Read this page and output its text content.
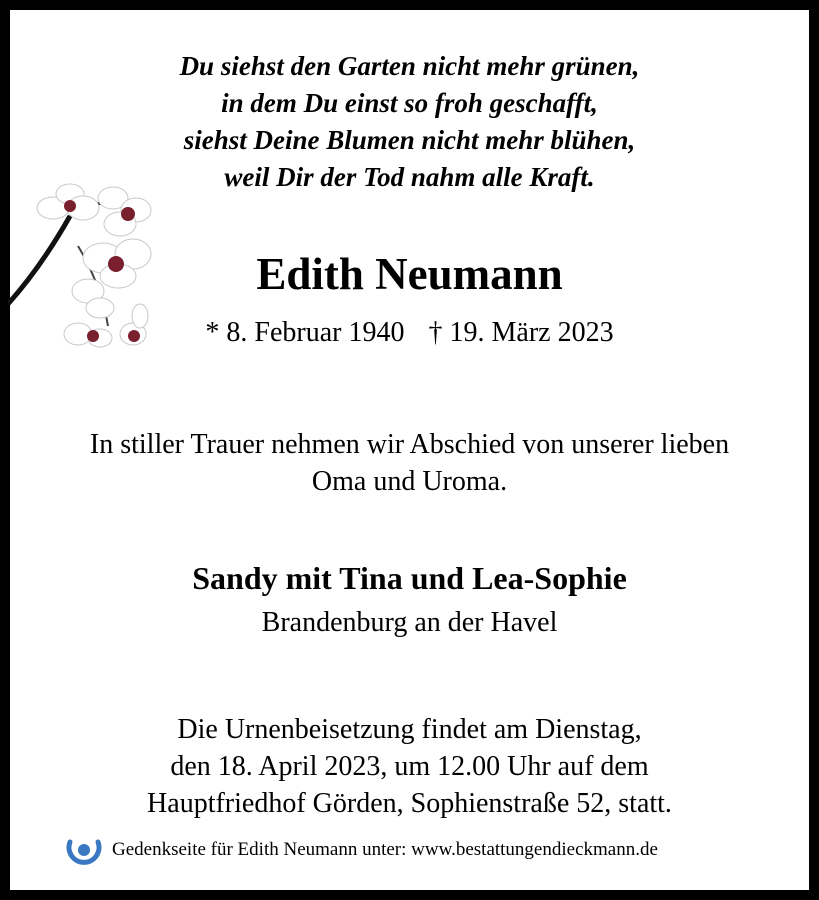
Du siehst den Garten nicht mehr grünen,
in dem Du einst so froh geschafft,
siehst Deine Blumen nicht mehr blühen,
weil Dir der Tod nahm alle Kraft.
Edith Neumann
* 8. Februar 1940 † 19. März 2023
In stiller Trauer nehmen wir Abschied von unserer lieben
Oma und Uroma.
Sandy mit Tina und Lea-Sophie
Brandenburg an der Havel
Die Urnenbeisetzung findet am Dienstag,
den 18. April 2023, um 12.00 Uhr auf dem
Hauptfriedhof Görden, Sophienstraße 52, statt.
Gedenkseite für Edith Neumann unter: www.bestattungendieckmann.de
